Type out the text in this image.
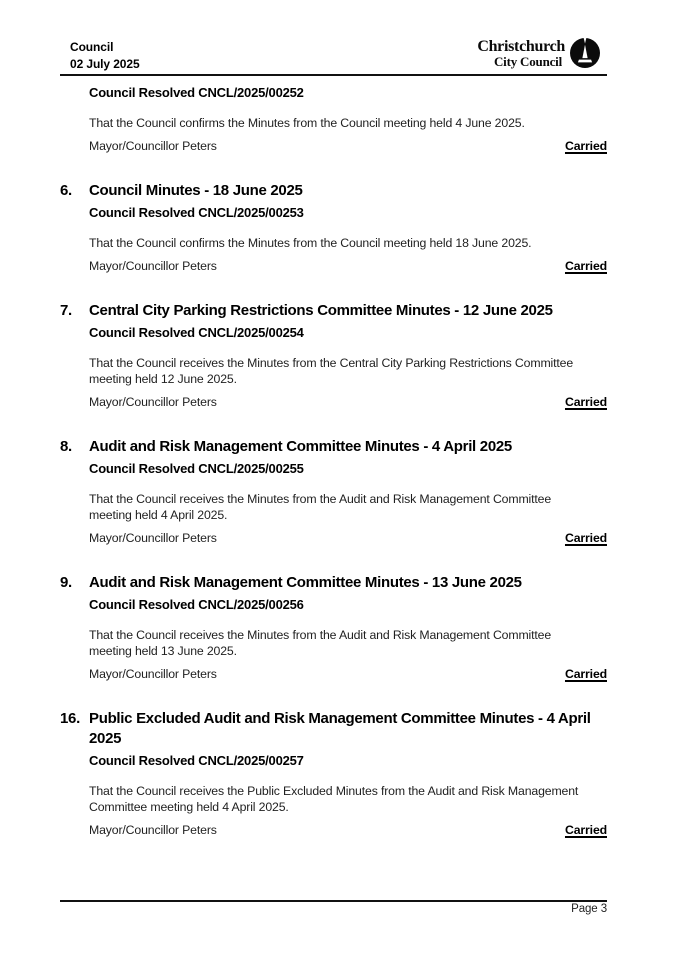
Council
02 July 2025
Christchurch
City Council
Council Resolved CNCL/2025/00252
That the Council confirms the Minutes from the Council meeting held 4 June 2025.
Mayor/Councillor Peters	Carried
6.	Council Minutes - 18 June 2025
Council Resolved CNCL/2025/00253
That the Council confirms the Minutes from the Council meeting held 18 June 2025.
Mayor/Councillor Peters	Carried
7.	Central City Parking Restrictions Committee Minutes - 12 June 2025
Council Resolved CNCL/2025/00254
That the Council receives the Minutes from the Central City Parking Restrictions Committee meeting held 12 June 2025.
Mayor/Councillor Peters	Carried
8.	Audit and Risk Management Committee Minutes - 4 April 2025
Council Resolved CNCL/2025/00255
That the Council receives the Minutes from the Audit and Risk Management Committee meeting held 4 April 2025.
Mayor/Councillor Peters	Carried
9.	Audit and Risk Management Committee Minutes - 13 June 2025
Council Resolved CNCL/2025/00256
That the Council receives the Minutes from the Audit and Risk Management Committee meeting held 13 June 2025.
Mayor/Councillor Peters	Carried
16. Public Excluded Audit and Risk Management Committee Minutes - 4 April 2025
Council Resolved CNCL/2025/00257
That the Council receives the Public Excluded Minutes from the Audit and Risk Management Committee meeting held 4 April 2025.
Mayor/Councillor Peters	Carried
Page 3
